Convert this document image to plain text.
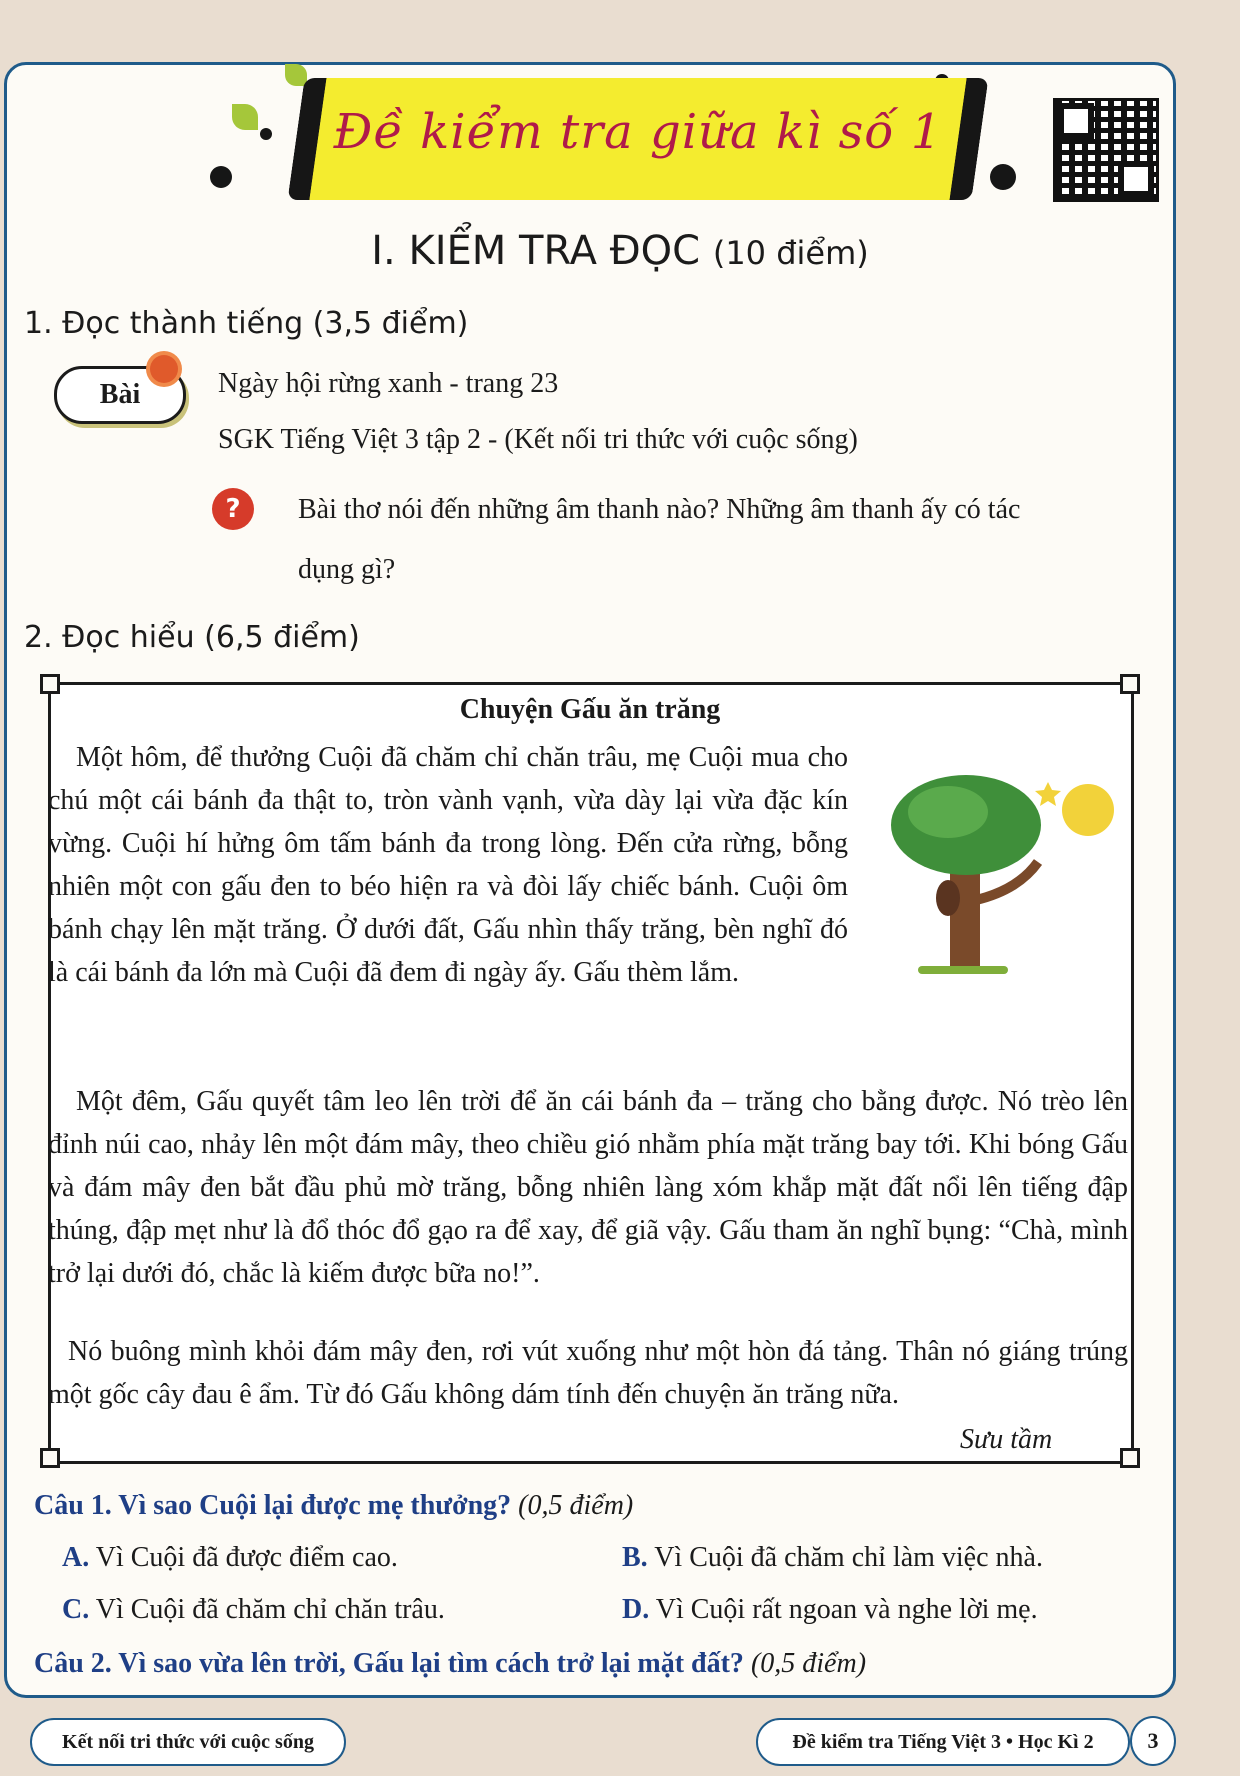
Đề kiểm tra giữa kì số 1
I. KIỂM TRA ĐỌC (10 điểm)
1. Đọc thành tiếng (3,5 điểm)
Bài	Ngày hội rừng xanh - trang 23
SGK Tiếng Việt 3 tập 2 - (Kết nối tri thức với cuộc sống)
?	Bài thơ nói đến những âm thanh nào? Những âm thanh ấy có tác
dụng gì?
2. Đọc hiểu (6,5 điểm)
Chuyện Gấu ăn trăng
Một hôm, để thưởng Cuội đã chăm chỉ chăn trâu, mẹ Cuội mua cho chú một cái bánh đa thật to, tròn vành vạnh, vừa dày lại vừa đặc kín vừng. Cuội hí hửng ôm tấm bánh đa trong lòng. Đến cửa rừng, bỗng nhiên một con gấu đen to béo hiện ra và đòi lấy chiếc bánh. Cuội ôm bánh chạy lên mặt trăng. Ở dưới đất, Gấu nhìn thấy trăng, bèn nghĩ đó là cái bánh đa lớn mà Cuội đã đem đi ngày ấy. Gấu thèm lắm.
Một đêm, Gấu quyết tâm leo lên trời để ăn cái bánh đa – trăng cho bằng được. Nó trèo lên đỉnh núi cao, nhảy lên một đám mây, theo chiều gió nhằm phía mặt trăng bay tới. Khi bóng Gấu và đám mây đen bắt đầu phủ mờ trăng, bỗng nhiên làng xóm khắp mặt đất nổi lên tiếng đập thúng, đập mẹt như là đổ thóc đổ gạo ra để xay, để giã vậy. Gấu tham ăn nghĩ bụng: “Chà, mình trở lại dưới đó, chắc là kiếm được bữa no!”.
Nó buông mình khỏi đám mây đen, rơi vút xuống như một hòn đá tảng. Thân nó giáng trúng một gốc cây đau ê ẩm. Từ đó Gấu không dám tính đến chuyện ăn trăng nữa.
Sưu tầm
Câu 1. Vì sao Cuội lại được mẹ thưởng? (0,5 điểm)
A. Vì Cuội đã được điểm cao.	B. Vì Cuội đã chăm chỉ làm việc nhà.
C. Vì Cuội đã chăm chỉ chăn trâu.	D. Vì Cuội rất ngoan và nghe lời mẹ.
Câu 2. Vì sao vừa lên trời, Gấu lại tìm cách trở lại mặt đất? (0,5 điểm)
Kết nối tri thức với cuộc sống	Đề kiểm tra Tiếng Việt 3 • Học Kì 2	3
